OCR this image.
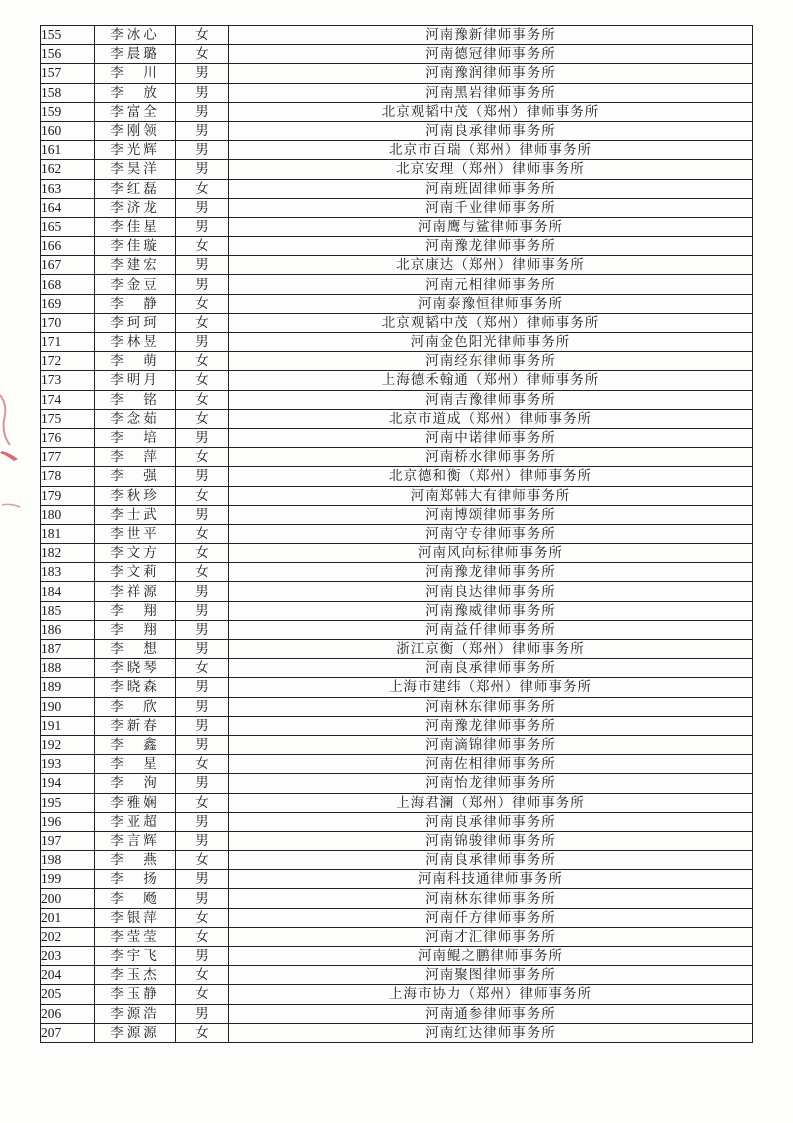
155	李冰心	女	河南豫新律师事务所
156	李晨璐	女	河南德冠律师事务所
157	李　川	男	河南豫润律师事务所
158	李　放	男	河南黑岩律师事务所
159	李富全	男	北京观韬中茂（郑州）律师事务所
160	李刚领	男	河南良承律师事务所
161	李光辉	男	北京市百瑞（郑州）律师事务所
162	李昊洋	男	北京安理（郑州）律师事务所
163	李红磊	女	河南班固律师事务所
164	李济龙	男	河南千业律师事务所
165	李佳星	男	河南鹰与鲨律师事务所
166	李佳璇	女	河南豫龙律师事务所
167	李建宏	男	北京康达（郑州）律师事务所
168	李金豆	男	河南元相律师事务所
169	李　静	女	河南泰豫恒律师事务所
170	李珂珂	女	北京观韬中茂（郑州）律师事务所
171	李林昱	男	河南金色阳光律师事务所
172	李　萌	女	河南经东律师事务所
173	李明月	女	上海德禾翰通（郑州）律师事务所
174	李　铭	女	河南吉豫律师事务所
175	李念茹	女	北京市道成（郑州）律师事务所
176	李　培	男	河南中诺律师事务所
177	李　萍	女	河南桥水律师事务所
178	李　强	男	北京德和衡（郑州）律师事务所
179	李秋珍	女	河南郑韩大有律师事务所
180	李士武	男	河南博颂律师事务所
181	李世平	女	河南守专律师事务所
182	李文方	女	河南风向标律师事务所
183	李文莉	女	河南豫龙律师事务所
184	李祥源	男	河南良达律师事务所
185	李　翔	男	河南豫威律师事务所
186	李　翔	男	河南益仟律师事务所
187	李　想	男	浙江京衡（郑州）律师事务所
188	李晓琴	女	河南良承律师事务所
189	李晓森	男	上海市建纬（郑州）律师事务所
190	李　欣	男	河南林东律师事务所
191	李新春	男	河南豫龙律师事务所
192	李　鑫	男	河南滴锦律师事务所
193	李　星	女	河南佐相律师事务所
194	李　洵	男	河南怡龙律师事务所
195	李雅娴	女	上海君澜（郑州）律师事务所
196	李亚超	男	河南良承律师事务所
197	李言辉	男	河南锦骏律师事务所
198	李　燕	女	河南良承律师事务所
199	李　扬	男	河南科技通律师事务所
200	李　飏	男	河南林东律师事务所
201	李银萍	女	河南仟方律师事务所
202	李莹莹	女	河南才汇律师事务所
203	李宇飞	男	河南鲲之鹏律师事务所
204	李玉杰	女	河南聚图律师事务所
205	李玉静	女	上海市协力（郑州）律师事务所
206	李源浩	男	河南通参律师事务所
207	李源源	女	河南红达律师事务所
